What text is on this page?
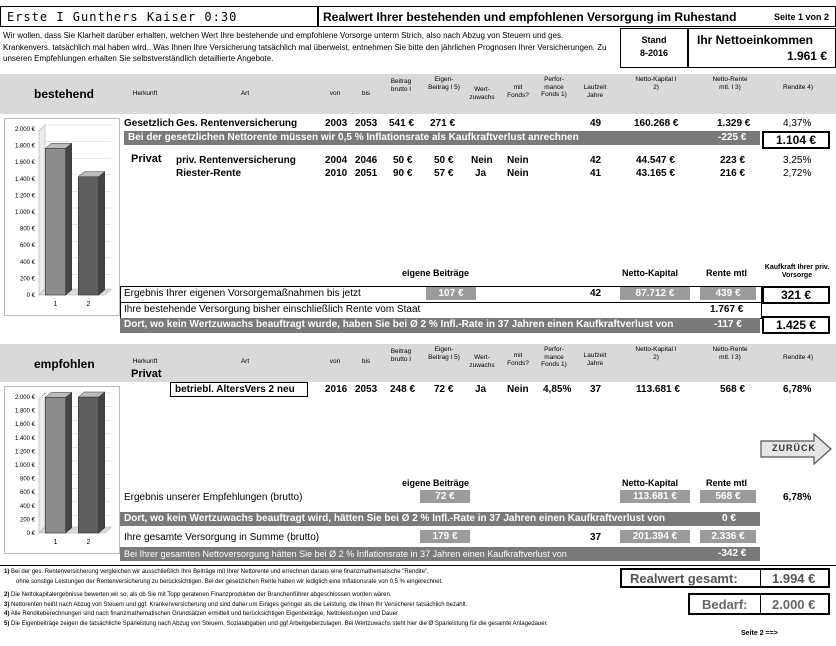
Erste I Gunthers Kaiser 0:30	Realwert Ihrer bestehenden und empfohlenen Versorgung im Ruhestand	Seite 1 von 2
Wir wollen, dass Sie Klarheit darüber erhalten, welchen Wert Ihre bestehende und empfohlene Vorsorge unterm Strich, also nach Abzug von Steuern und ges. Krankenvers. tatsächlich mal haben wird.. Was Ihnen Ihre Versicherung tatsächlich mal überweist, entnehmen Sie bitte den jährlichen Prognosen Ihrer Versicherungen. Zu unseren Empfehlungen erhalten Sie selbstverständlich detaillierte Angebote.
Stand
8-2016
Ihr Nettoeinkommen
1.961 €
bestehend	Herkunft	Art	von	bis
Beitrag brutto I
Eigen-Beitrag I 5)	Wert-zuwachs
mit Fonds?
Perfor-mance Fonds 1)
Laufzeit Jahre
Netto-Kapital I 2)
Netto-Rente mtl. I 3)	Rendite 4)
Gesetzlich Ges. Rentenversicherung	2003 2053 541 € 271 €	49	160.268 €	1.329 €	4,37%
Bei der gesetzlichen Nettorente müssen wir 0,5 % Inflationsrate als Kaufkraftverlust anrechnen	-225 €	1.104 €
Privat priv. Rentenversicherung	2004 2046 50 € 50 € Nein Nein	42	44.547 €	223 €	3,25%
Riester-Rente	2010 2051 90 € 57 € Ja Nein	41	43.165 €	216 €	2,72%
2.000 €
1.800 €
1.600 €
1.400 €
1.200 €
1.000 €
800 €
600 €
400 €
200 €
0 €
1	2
eigene Beiträge	Netto-Kapital	Rente mtl
Kaufkraft Ihrer priv. Vorsorge
Ergebnis Ihrer eigenen Vorsorgemaßnahmen bis jetzt	107 €	42	87.712 €	439 €	321 €
Ihre bestehende Versorgung bisher einschließlich Rente vom Staat	1.767 €
Dort, wo kein Wertzuwachs beauftragt wurde, haben Sie bei Ø 2 % Infl.-Rate in 37 Jahren einen Kaufkraftverlust von	-117 €	1.425 €
empfohlen
Privat
Herkunft	Art	von	bis
Beitrag brutto I
Eigen-Beitrag I 5)	Wert-zuwachs
mit Fonds?
Perfor-mance Fonds 1)
Laufzeit Jahre
Netto-Kapital I 2)
Netto-Rente mtl. I 3)	Rendite 4)
betriebl. AltersVers 2 neu	2016 2053 248 € 72 € Ja Nein 4,85% 37	113.681 €	568 €	6,78%
2.000 €
1.800 €
1.600 €
1.400 €
1.200 €
1.000 €
800 €
600 €
400 €
200 €
0 €
1	2
ZURÜCK
eigene Beiträge	Netto-Kapital	Rente mtl
Ergebnis unserer Empfehlungen (brutto)	72 €	113.681 €	568 €	6,78%
Dort, wo kein Wertzuwachs beauftragt wird, hätten Sie bei Ø 2 % Infl.-Rate in 37 Jahren einen Kaufkraftverlust von	0 €
Ihre gesamte Versorgung in Summe (brutto)	179 €	37	201.394 €	2.336 €
Bei Ihrer gesamten Nettoversorgung hätten Sie bei Ø 2 % Inflationsrate in 37 Jahren einen Kaufkraftverlust von	-342 €
1) Bei der ges. Rentenversicherung vergleichen wir ausschließlich Ihre Beiträge mit Ihrer Nettorente und errechnen daraus eine finanzmathematische "Rendite",
ohne sonstige Leistungen der Rentenversicherung zu berücksichtigen. Bei der gesetzlichen Rente haben wir lediglich eine Inflationsrate von 0,5 % eingerechnet.
2) Die Nettokapitalergebnisse bewerten wir so, als ob Sie mit Topp geratenen Finanzprodukten der Branchenführer abgeschlossen worden wären.
3) Nettorenten heißt nach Abzug von Steuern und ggf. Krankenversicherung und sind daher um Einiges geringer als die Leistung, die Ihnen Ihr Versicherer tatsächlich bezahlt.
4) Alle Renditeberechnungen sind nach finanzmathematischen Grundsätzen ermittelt und berücksichtigen Eigenbeiträge, Nettoleistungen und Dauer
5) Die Eigenbeiträge zeigen die tatsächliche Sparleistung nach Abzug von Steuern, Sozialabgaben und ggf Arbeitgeberzulagen. Bei Wertzuwachs steht hier die Ø Sparleistung für die gesamte Anlagedauer.
Realwert gesamt:	1.994 €
Bedarf: 2.000 €
Seite 2 ==>
